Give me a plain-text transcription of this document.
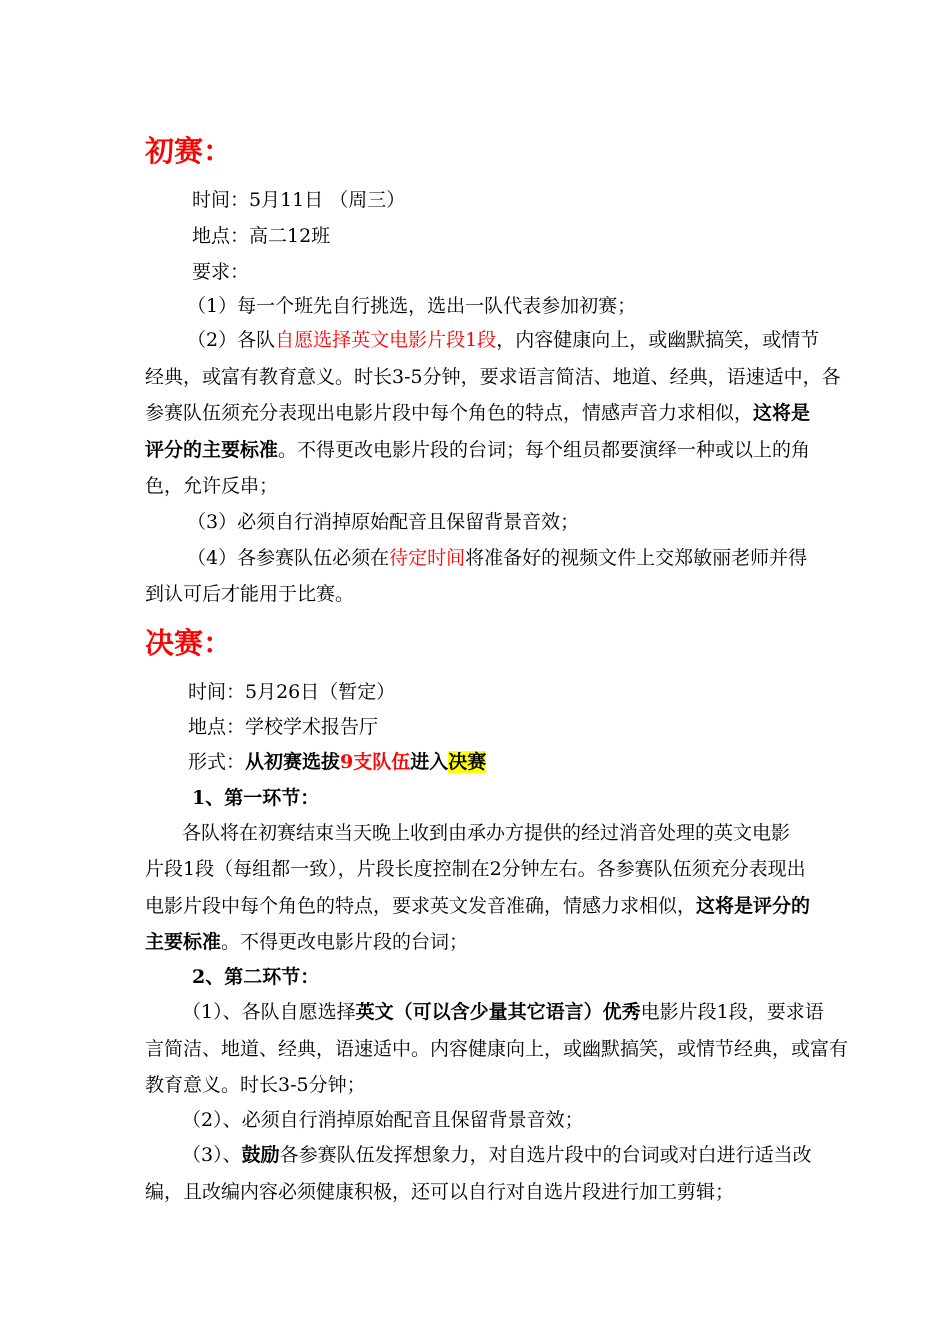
初赛：
时间：5月11日 （周三）
地点：高二12班
要求：
（1）每一个班先自行挑选，选出一队代表参加初赛；
（2）各队自愿选择英文电影片段1段，内容健康向上，或幽默搞笑，或情节
经典，或富有教育意义。时长3-5分钟，要求语言简洁、地道、经典，语速适中，各
参赛队伍须充分表现出电影片段中每个角色的特点，情感声音力求相似，这将是
评分的主要标准。不得更改电影片段的台词；每个组员都要演绎一种或以上的角
色，允许反串；
（3）必须自行消掉原始配音且保留背景音效；
（4）各参赛队伍必须在待定时间将准备好的视频文件上交郑敏丽老师并得
到认可后才能用于比赛。
决赛：
时间：5月26日（暂定）
地点：学校学术报告厅
形式：从初赛选拔9支队伍进入决赛
1、第一环节：
各队将在初赛结束当天晚上收到由承办方提供的经过消音处理的英文电影
片段1段（每组都一致），片段长度控制在2分钟左右。各参赛队伍须充分表现出
电影片段中每个角色的特点，要求英文发音准确，情感力求相似，这将是评分的
主要标准。不得更改电影片段的台词；
2、第二环节：
（1）、各队自愿选择英文（可以含少量其它语言）优秀电影片段1段，要求语
言简洁、地道、经典，语速适中。内容健康向上，或幽默搞笑，或情节经典，或富有
教育意义。时长3-5分钟；
（2）、必须自行消掉原始配音且保留背景音效；
（3）、鼓励各参赛队伍发挥想象力，对自选片段中的台词或对白进行适当改
编，且改编内容必须健康积极，还可以自行对自选片段进行加工剪辑；
